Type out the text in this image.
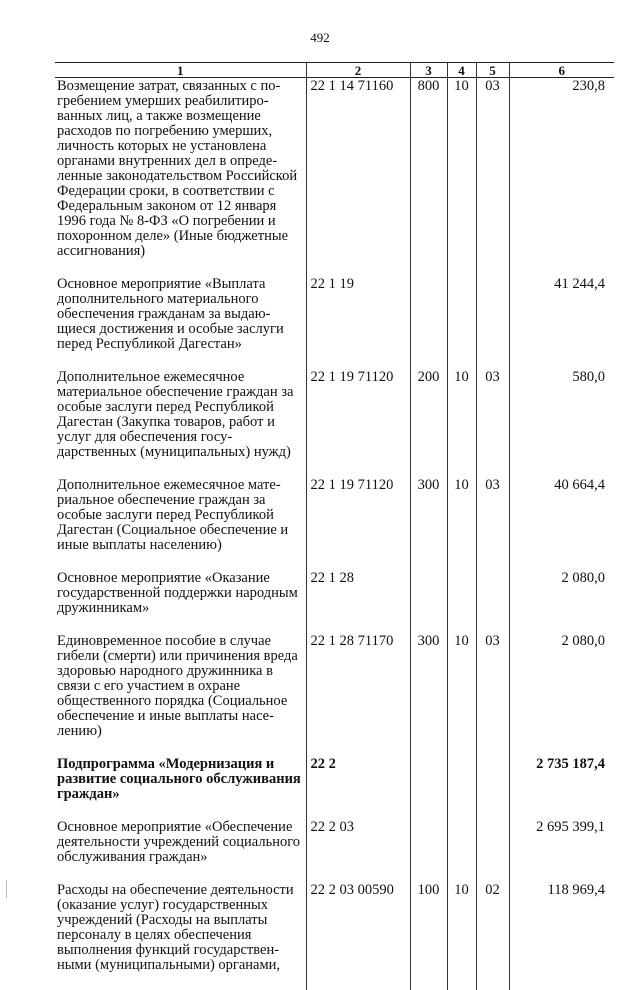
492
1	2	3	4	5	6
Возмещение затрат, связанных с погребением умерших реабилитированных лиц, а также возмещение расходов по погребению умерших, личность которых не установлена органами внутренних дел в определенные законодательством Российской Федерации сроки, в соответствии с Федеральным законом от 12 января 1996 года № 8-ФЗ «О погребении и похоронном деле» (Иные бюджетные ассигнования)	22 1 14 71160	800	10	03	230,8
Основное мероприятие «Выплата дополнительного материального обеспечения гражданам за выдающиеся достижения и особые заслуги перед Республикой Дагестан»	22 1 19				41 244,4
Дополнительное ежемесячное материальное обеспечение граждан за особые заслуги перед Республикой Дагестан (Закупка товаров, работ и услуг для обеспечения государственных (муниципальных) нужд)	22 1 19 71120	200	10	03	580,0
Дополнительное ежемесячное материальное обеспечение граждан за особые заслуги перед Республикой Дагестан (Социальное обеспечение и иные выплаты населению)	22 1 19 71120	300	10	03	40 664,4
Основное мероприятие «Оказание государственной поддержки народным дружинникам»	22 1 28				2 080,0
Единовременное пособие в случае гибели (смерти) или причинения вреда здоровью народного дружинника в связи с его участием в охране общественного порядка (Социальное обеспечение и иные выплаты населению)	22 1 28 71170	300	10	03	2 080,0
Подпрограмма «Модернизация и развитие социального обслуживания граждан»	22 2				2 735 187,4
Основное мероприятие «Обеспечение деятельности учреждений социального обслуживания граждан»	22 2 03				2 695 399,1
Расходы на обеспечение деятельности (оказание услуг) государственных учреждений (Расходы на выплаты персоналу в целях обеспечения выполнения функций государственными (муниципальными) органами,	22 2 03 00590	100	10	02	118 969,4
